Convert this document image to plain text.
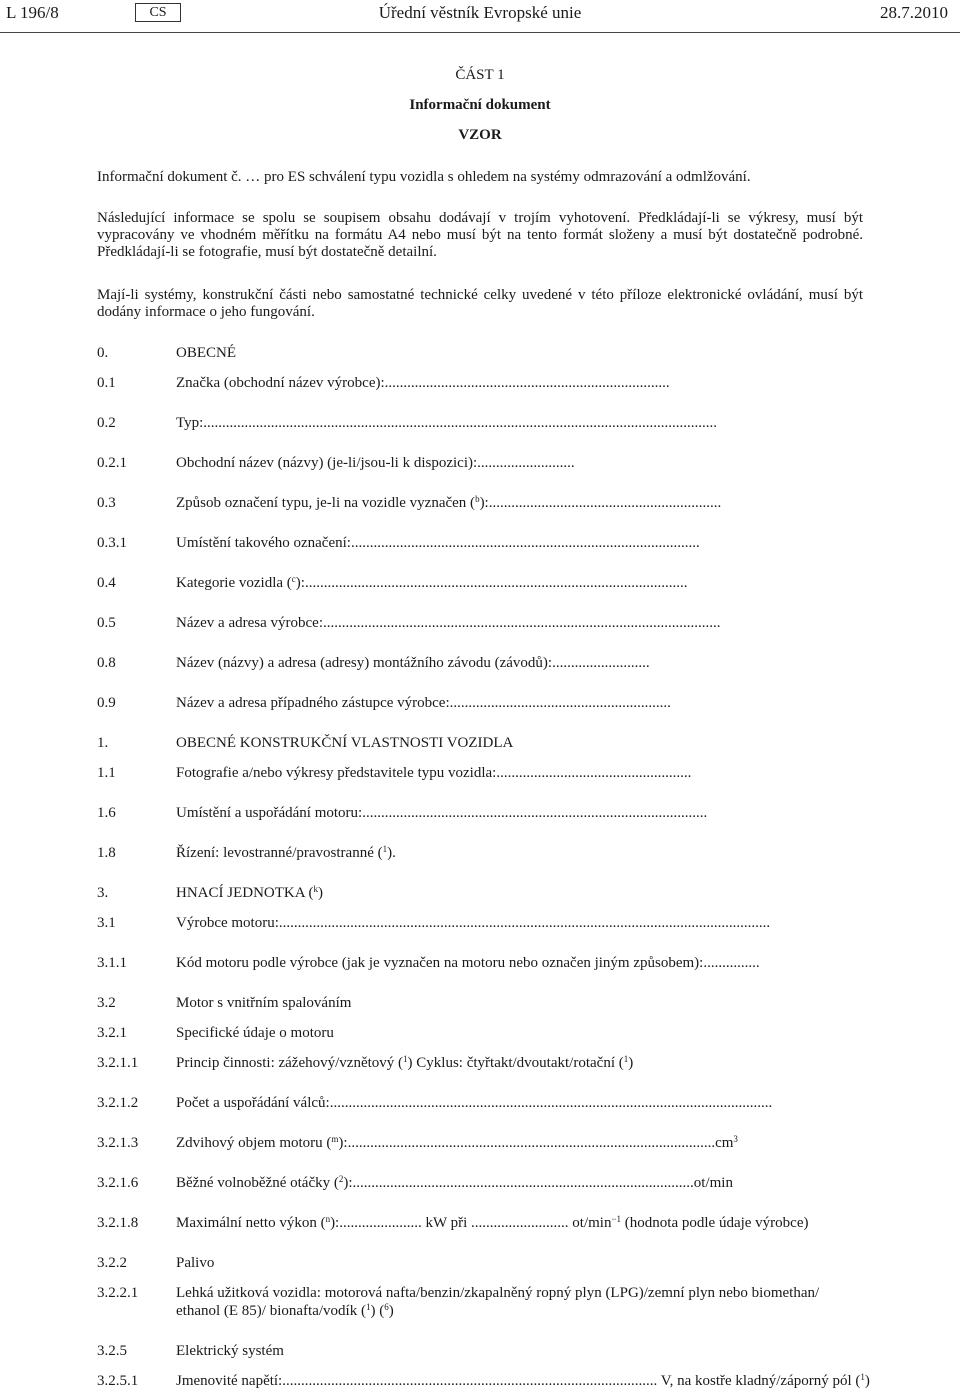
L 196/8	CS	Úřední věstník Evropské unie	28.7.2010
ČÁST 1
Informační dokument
VZOR
Informační dokument č. … pro ES schválení typu vozidla s ohledem na systémy odmrazování a odmlžování.
Následující informace se spolu se soupisem obsahu dodávají v trojím vyhotovení. Předkládají-li se výkresy, musí být vypracovány ve vhodném měřítku na formátu A4 nebo musí být na tento formát složeny a musí být dostatečně podrobné. Předkládají-li se fotografie, musí být dostatečně detailní.
Mají-li systémy, konstrukční části nebo samostatné technické celky uvedené v této příloze elektronické ovládání, musí být dodány informace o jeho fungování.
0.	OBECNÉ
0.1	Značka (obchodní název výrobce):............................................................................
0.2	Typ:.........................................................................................................................................
0.2.1	Obchodní název (názvy) (je-li/jsou-li k dispozici):..........................
0.3	Způsob označení typu, je-li na vozidle vyznačen ($^b$):..............................................................
0.3.1	Umístění takového označení:.............................................................................................
0.4	Kategorie vozidla ($^c$):......................................................................................................
0.5	Název a adresa výrobce:..........................................................................................................
0.8	Název (názvy) a adresa (adresy) montážního závodu (závodů):..........................
0.9	Název a adresa případného zástupce výrobce:...........................................................
1.	OBECNÉ KONSTRUKČNÍ VLASTNOSTI VOZIDLA
1.1	Fotografie a/nebo výkresy představitele typu vozidla:....................................................
1.6	Umístění a uspořádání motoru:............................................................................................
1.8	Řízení: levostranné/pravostranné ($^1$).
3.	HNACÍ JEDNOTKA ($^k$)
3.1	Výrobce motoru:...................................................................................................................................
3.1.1	Kód motoru podle výrobce (jak je vyznačen na motoru nebo označen jiným způsobem):...............
3.2	Motor s vnitřním spalováním
3.2.1	Specifické údaje o motoru
3.2.1.1	Princip činnosti: zážehový/vznětový ($^1$) Cyklus: čtyřtakt/dvoutakt/rotační ($^1$)
3.2.1.2	Počet a uspořádání válců:......................................................................................................................
3.2.1.3	Zdvihový objem motoru $(^m):..................................................................................................cm^3$
3.2.1.6	Běžné volnoběžné otáčky ($^2$):...........................................................................................ot/min
3.2.1.8	Maximální netto výkon ($^n$):...................... kW při .......................... $ot/\min^{-1}$ (hodnota podle údaje výrobce)
3.2.2	Palivo
3.2.2.1	Lehká užitková vozidla: motorová nafta/benzin/zkapalněný ropný plyn (LPG)/zemní plyn nebo biomethan/
ethanol (E 85)/ bionafta/vodík ($^1$) ($^6$)
3.2.5	Elektrický systém
3.2.5.1	Jmenovité napětí:.................................................................................................... V, na kostře kladný/záporný pól ($^1$)
